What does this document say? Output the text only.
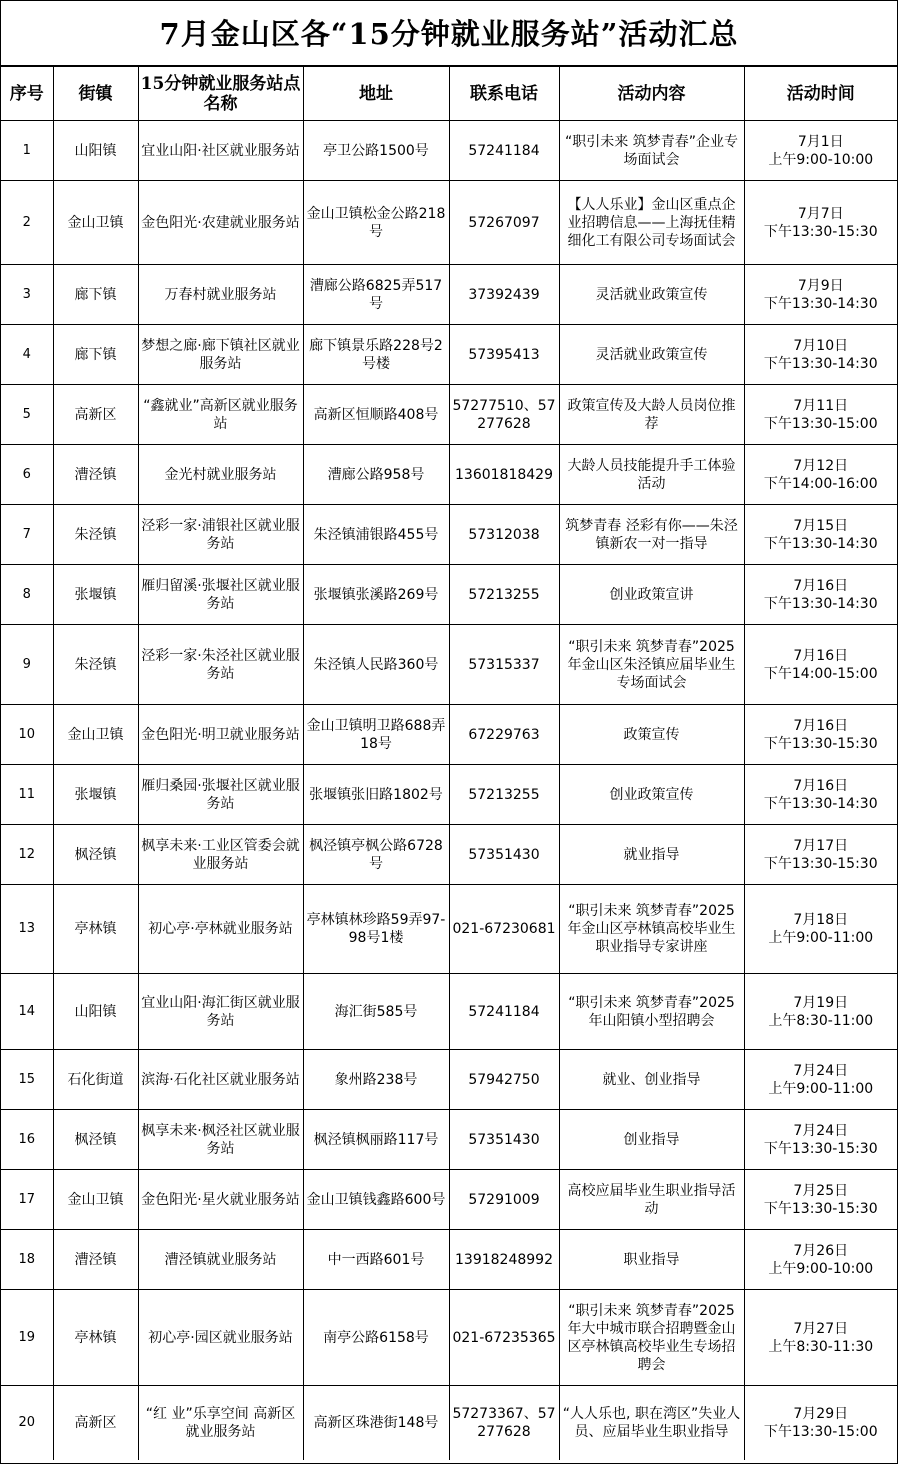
7月金山区各“15分钟就业服务站”活动汇总
序号	街镇	15分钟就业服务站点名称	地址	联系电话	活动内容	活动时间
1	山阳镇	宜业山阳·社区就业服务站	亭卫公路1500号	57241184	“职引未来 筑梦青春”企业专场面试会	7月1日
上午9:00-10:00

2	金山卫镇	金色阳光·农建就业服务站	金山卫镇松金公路218号	57267097	【人人乐业】金山区重点企业招聘信息——上海抚佳精细化工有限公司专场面试会	7月7日
下午13:30-15:30

3	廊下镇	万春村就业服务站	漕廊公路6825弄517号	37392439	灵活就业政策宣传	7月9日
下午13:30-14:30

4	廊下镇	梦想之廊·廊下镇社区就业服务站	廊下镇景乐路228号2号楼	57395413	灵活就业政策宣传	7月10日
下午13:30-14:30

5	高新区	“鑫就业”高新区就业服务站	高新区恒顺路408号	57277510、57277628	政策宣传及大龄人员岗位推荐	7月11日
下午13:30-15:00

6	漕泾镇	金光村就业服务站	漕廊公路958号	13601818429	大龄人员技能提升手工体验活动	7月12日
下午14:00-16:00

7	朱泾镇	泾彩一家·浦银社区就业服务站	朱泾镇浦银路455号	57312038	筑梦青春 泾彩有你——朱泾镇新农一对一指导	7月15日
下午13:30-14:30

8	张堰镇	雁归留溪·张堰社区就业服务站	张堰镇张溪路269号	57213255	创业政策宣讲	7月16日
下午13:30-14:30

9	朱泾镇	泾彩一家·朱泾社区就业服务站	朱泾镇人民路360号	57315337	“职引未来 筑梦青春”2025年金山区朱泾镇应届毕业生专场面试会	7月16日
下午14:00-15:00

10	金山卫镇	金色阳光·明卫就业服务站	金山卫镇明卫路688弄18号	67229763	政策宣传	7月16日
下午13:30-15:30

11	张堰镇	雁归桑园·张堰社区就业服务站	张堰镇张旧路1802号	57213255	创业政策宣传	7月16日
下午13:30-14:30

12	枫泾镇	枫享未来·工业区管委会就业服务站	枫泾镇亭枫公路6728号	57351430	就业指导	7月17日
下午13:30-15:30

13	亭林镇	初心亭·亭林就业服务站	亭林镇林珍路59弄97-98号1楼	021-67230681	“职引未来 筑梦青春”2025年金山区亭林镇高校毕业生职业指导专家讲座	7月18日
上午9:00-11:00

14	山阳镇	宜业山阳·海汇街区就业服务站	海汇街585号	57241184	“职引未来 筑梦青春”2025年山阳镇小型招聘会	7月19日
上午8:30-11:00

15	石化街道	滨海·石化社区就业服务站	象州路238号	57942750	就业、创业指导	7月24日
上午9:00-11:00

16	枫泾镇	枫享未来·枫泾社区就业服务站	枫泾镇枫丽路117号	57351430	创业指导	7月24日
下午13:30-15:30

17	金山卫镇	金色阳光·星火就业服务站	金山卫镇钱鑫路600号	57291009	高校应届毕业生职业指导活动	7月25日
下午13:30-15:30

18	漕泾镇	漕泾镇就业服务站	中一西路601号	13918248992	职业指导	7月26日
上午9:00-10:00

19	亭林镇	初心亭·园区就业服务站	南亭公路6158号	021-67235365	“职引未来 筑梦青春”2025年大中城市联合招聘暨金山区亭林镇高校毕业生专场招聘会	7月27日
上午8:30-11:30

20	高新区	“红 业”乐享空间 高新区就业服务站	高新区珠港街148号	57273367、57277628	“人人乐也, 职在湾区”失业人员、应届毕业生职业指导	7月29日
下午13:30-15:00
